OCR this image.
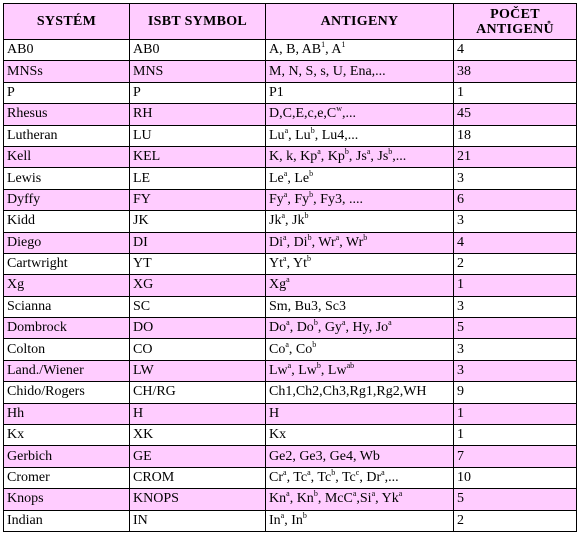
SYSTÉM	ISBT SYMBOL	ANTIGENY	POČET ANTIGENŮ
AB0	AB0	A, B, $AB^1$, $A^1$	4
MNSs	MNS	M, N, S, s, U, Ena,...	38
P	P	P1	1
Rhesus	RH	$D,C,E,c,e,C^w$,...	45
Lutheran	LU	Lu$^a$, Lu$^b$, Lu4,...	18
Kell	KEL	K, k, Kp$^a$, Kp$^b$, Js$^a$, Js$^b$,...	21
Lewis	LE	Le$^a$, Le$^b$	3
Dyffy	FY	Fy$^a$, Fy$^b$, Fy3, ....	6
Kidd	JK	Jk$^a$, Jk$^b$	3
Diego	DI	Di$^a$, Di$^b$, Wr$^a$, Wr$^b$	4
Cartwright	YT	Yt$^a$, Yt$^b$	2
Xg	XG	Xg$^a$	1
Scianna	SC	Sm, Bu3, Sc3	3
Dombrock	DO	Do$^a$, Do$^b$, Gy$^a$, Hy, Jo$^a$	5
Colton	CO	Co$^a$, Co$^b$	3
Land./Wiener	LW	Lw$^a$, Lw$^b$, $Lw^{ab}$	3
Chido/Rogers	CH/RG	Ch1,Ch2,Ch3,Rg1,Rg2,WH	9
Hh	H	H	1
Kx	XK	Kx	1
Gerbich	GE	Ge2, Ge3, Ge4, Wb	7
Cromer	CROM	Cr$^a$, Tc$^a$, Tc$^b$, Tc$^c$, Dr$^a$,...	10
Knops	KNOPS	Kn$^a$, Kn$^b$, McC$^a$,Si$^a$, Yk$^a$	5
Indian	IN	In$^a$, In$^b$	2
